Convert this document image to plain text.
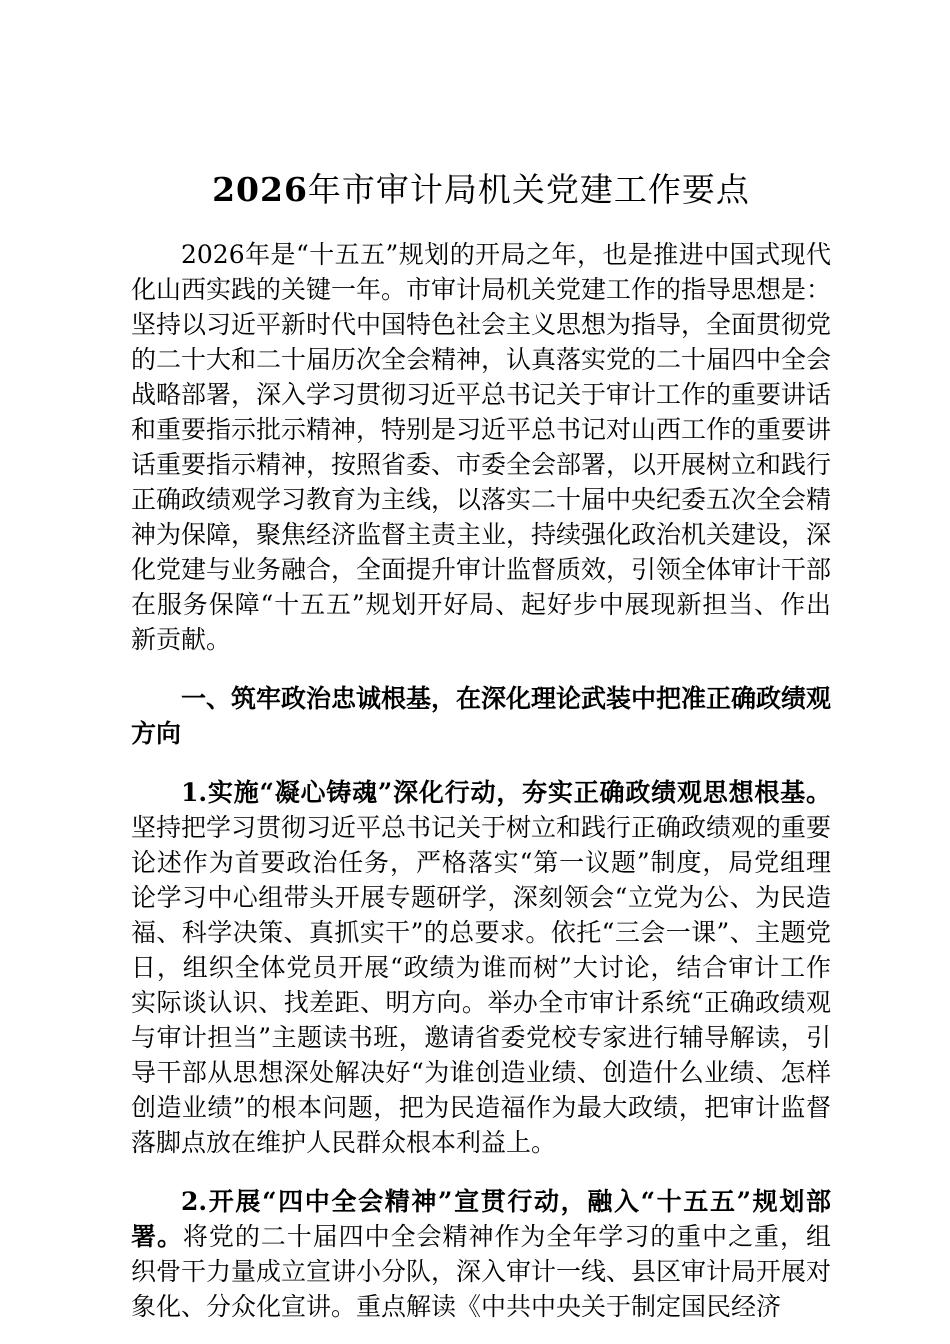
2026年市审计局机关党建工作要点

2026年是“十五五”规划的开局之年，也是推进中国式现代化山西实践的关键一年。市审计局机关党建工作的指导思想是：坚持以习近平新时代中国特色社会主义思想为指导，全面贯彻党的二十大和二十届历次全会精神，认真落实党的二十届四中全会战略部署，深入学习贯彻习近平总书记关于审计工作的重要讲话和重要指示批示精神，特别是习近平总书记对山西工作的重要讲话重要指示精神，按照省委、市委全会部署，以开展树立和践行正确政绩观学习教育为主线，以落实二十届中央纪委五次全会精神为保障，聚焦经济监督主责主业，持续强化政治机关建设，深化党建与业务融合，全面提升审计监督质效，引领全体审计干部在服务保障“十五五”规划开好局、起好步中展现新担当、作出新贡献。

一、筑牢政治忠诚根基，在深化理论武装中把准正确政绩观方向

1.实施“凝心铸魂”深化行动，夯实正确政绩观思想根基。坚持把学习贯彻习近平总书记关于树立和践行正确政绩观的重要论述作为首要政治任务，严格落实“第一议题”制度，局党组理论学习中心组带头开展专题研学，深刻领会“立党为公、为民造福、科学决策、真抓实干”的总要求。依托“三会一课”、主题党日，组织全体党员开展“政绩为谁而树”大讨论，结合审计工作实际谈认识、找差距、明方向。举办全市审计系统“正确政绩观与审计担当”主题读书班，邀请省委党校专家进行辅导解读，引导干部从思想深处解决好“为谁创造业绩、创造什么业绩、怎样创造业绩”的根本问题，把为民造福作为最大政绩，把审计监督落脚点放在维护人民群众根本利益上。

2.开展“四中全会精神”宣贯行动，融入“十五五”规划部署。将党的二十届四中全会精神作为全年学习的重中之重，组织骨干力量成立宣讲小分队，深入审计一线、县区审计局开展对象化、分众化宣讲。重点解读《中共中央关于制定国民经济
